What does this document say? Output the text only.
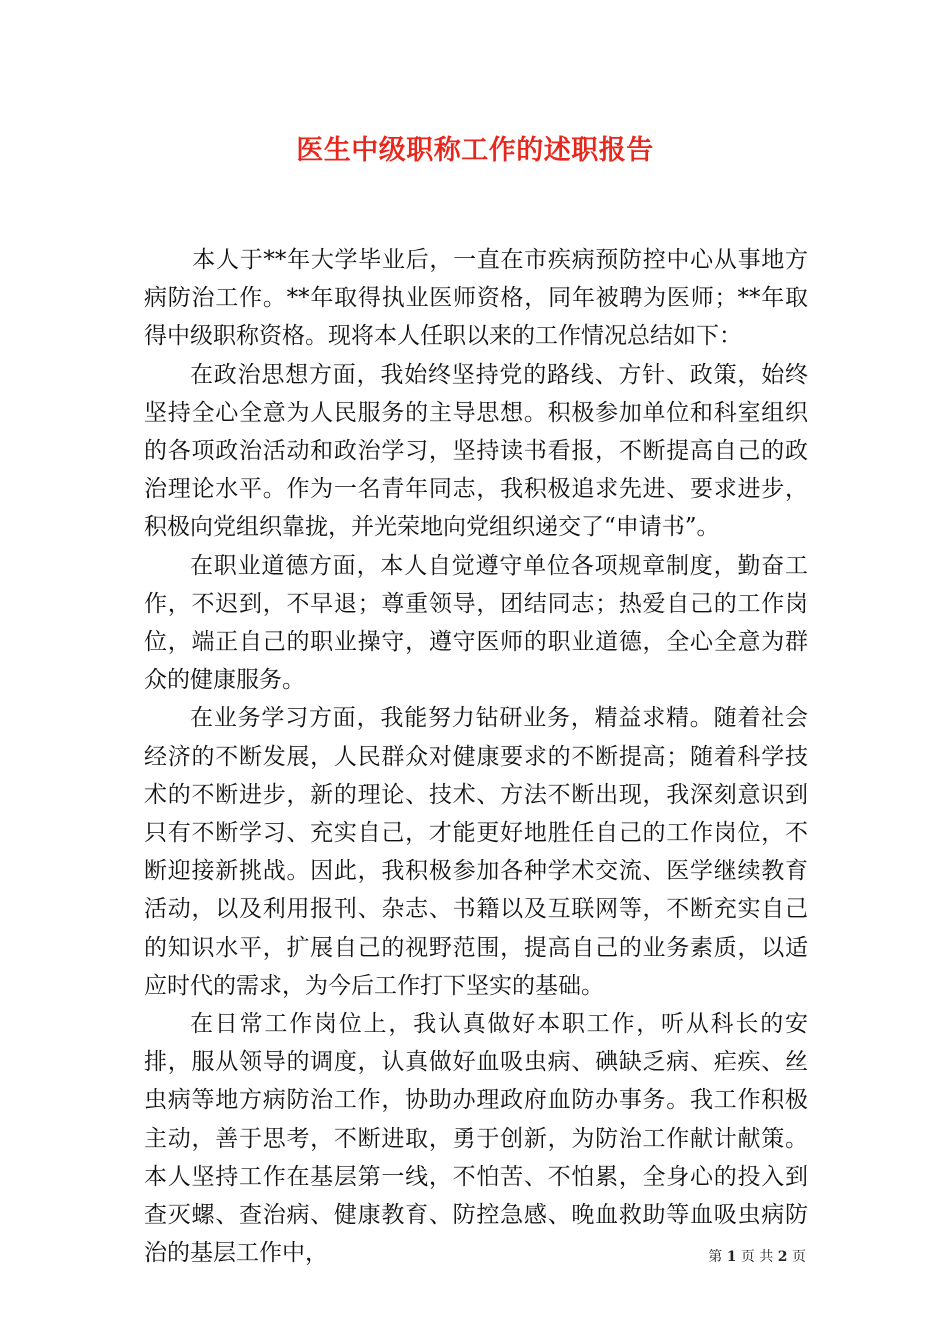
医生中级职称工作的述职报告

本人于**年大学毕业后，一直在市疾病预防控中心从事地方病防治工作。**年取得执业医师资格，同年被聘为医师；**年取得中级职称资格。现将本人任职以来的工作情况总结如下：

在政治思想方面，我始终坚持党的路线、方针、政策，始终坚持全心全意为人民服务的主导思想。积极参加单位和科室组织的各项政治活动和政治学习，坚持读书看报，不断提高自己的政治理论水平。作为一名青年同志，我积极追求先进、要求进步，积极向党组织靠拢，并光荣地向党组织递交了“申请书”。

在职业道德方面，本人自觉遵守单位各项规章制度，勤奋工作，不迟到，不早退；尊重领导，团结同志；热爱自己的工作岗位，端正自己的职业操守，遵守医师的职业道德，全心全意为群众的健康服务。

在业务学习方面，我能努力钻研业务，精益求精。随着社会经济的不断发展，人民群众对健康要求的不断提高；随着科学技术的不断进步，新的理论、技术、方法不断出现，我深刻意识到只有不断学习、充实自己，才能更好地胜任自己的工作岗位，不断迎接新挑战。因此，我积极参加各种学术交流、医学继续教育活动，以及利用报刊、杂志、书籍以及互联网等，不断充实自己的知识水平，扩展自己的视野范围，提高自己的业务素质，以适应时代的需求，为今后工作打下坚实的基础。

在日常工作岗位上，我认真做好本职工作，听从科长的安排，服从领导的调度，认真做好血吸虫病、碘缺乏病、疟疾、丝虫病等地方病防治工作，协助办理政府血防办事务。我工作积极主动，善于思考，不断进取，勇于创新，为防治工作献计献策。本人坚持工作在基层第一线，不怕苦、不怕累，全身心的投入到查灭螺、查治病、健康教育、防控急感、晚血救助等血吸虫病防治的基层工作中，	第 1 页 共 2 页
